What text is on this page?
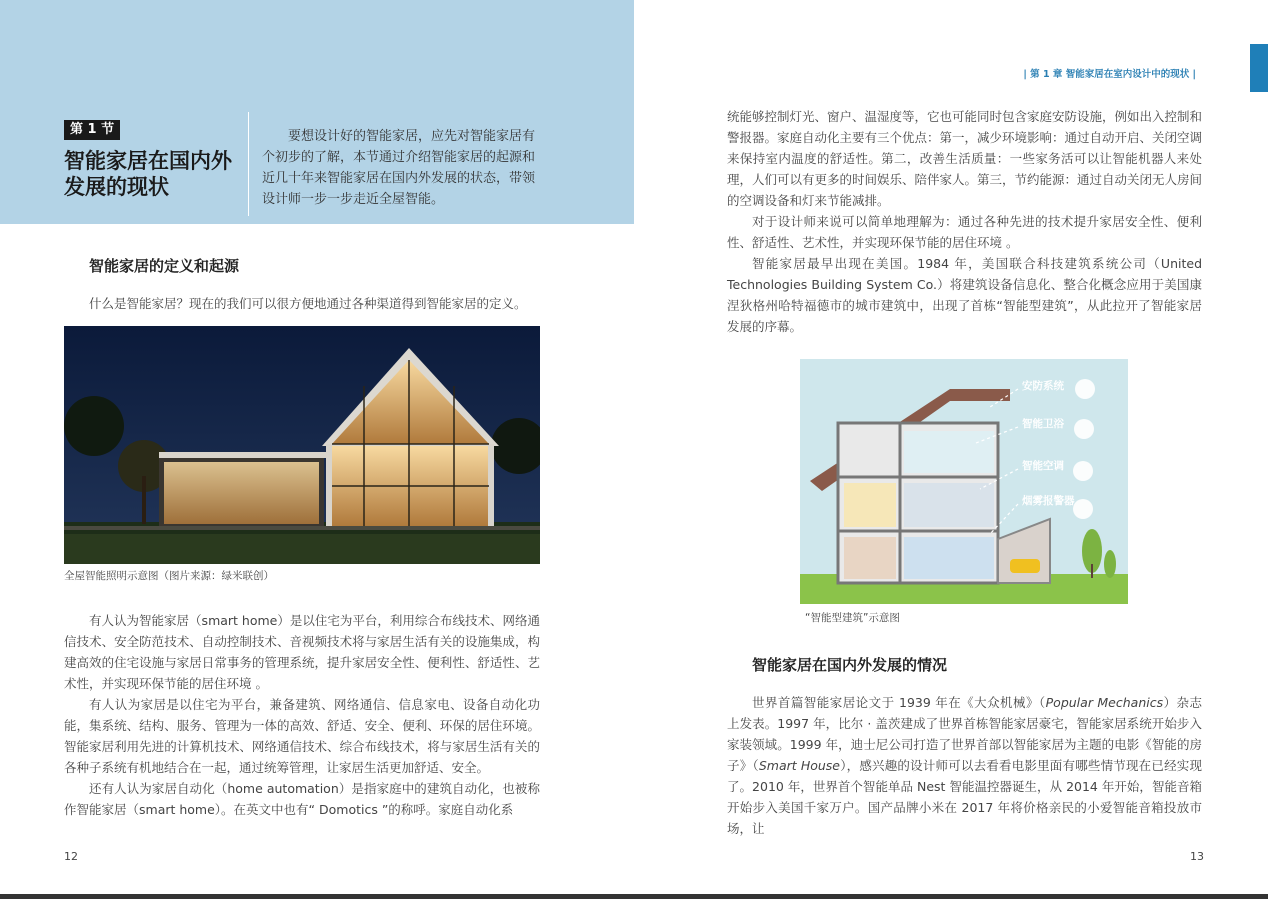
第 1 节
智能家居在国内外发展的现状
要想设计好的智能家居，应先对智能家居有个初步的了解，本节通过介绍智能家居的起源和近几十年来智能家居在国内外发展的状态，带领设计师一步一步走近全屋智能。
智能家居的定义和起源
什么是智能家居？现在的我们可以很方便地通过各种渠道得到智能家居的定义。
全屋智能照明示意图（图片来源：绿米联创）

有人认为智能家居（smart home）是以住宅为平台，利用综合布线技术、网络通信技术、安全防范技术、自动控制技术、音视频技术将与家居生活有关的设施集成，构建高效的住宅设施与家居日常事务的管理系统，提升家居安全性、便利性、舒适性、艺术性，并实现环保节能的居住环境 。

有人认为家居是以住宅为平台，兼备建筑、网络通信、信息家电、设备自动化功能，集系统、结构、服务、管理为一体的高效、舒适、安全、便利、环保的居住环境。智能家居利用先进的计算机技术、网络通信技术、综合布线技术，将与家居生活有关的各种子系统有机地结合在一起，通过统筹管理，让家居生活更加舒适、安全。

还有人认为家居自动化（home automation）是指家庭中的建筑自动化，也被称作智能家居（smart home）。在英文中也有“ Domotics ”的称呼。家庭自动化系

12
| 第 1 章 智能家居在室内设计中的现状 |

统能够控制灯光、窗户、温湿度等，它也可能同时包含家庭安防设施，例如出入控制和警报器。家庭自动化主要有三个优点：第一，减少环境影响：通过自动开启、关闭空调来保持室内温度的舒适性。第二，改善生活质量：一些家务活可以让智能机器人来处理，人们可以有更多的时间娱乐、陪伴家人。第三，节约能源：通过自动关闭无人房间的空调设备和灯来节能减排。

对于设计师来说可以简单地理解为：通过各种先进的技术提升家居安全性、便利性、舒适性、艺术性，并实现环保节能的居住环境 。

智能家居最早出现在美国。1984 年，美国联合科技建筑系统公司（United Technologies Building System Co.）将建筑设备信息化、整合化概念应用于美国康涅狄格州哈特福德市的城市建筑中，出现了首栋“智能型建筑”，从此拉开了智能家居发展的序幕。

安防系统
智能卫浴
智能空调
烟雾报警器
“智能型建筑”示意图
智能家居在国内外发展的情况
世界首篇智能家居论文于 1939 年在《大众机械》（Popular Mechanics）杂志上发表。1997 年，比尔 · 盖茨建成了世界首栋智能家居豪宅，智能家居系统开始步入家装领域。1999 年，迪士尼公司打造了世界首部以智能家居为主题的电影《智能的房子》（Smart House），感兴趣的设计师可以去看看电影里面有哪些情节现在已经实现了。2010 年，世界首个智能单品 Nest 智能温控器诞生，从 2014 年开始，智能音箱开始步入美国千家万户。国产品牌小米在 2017 年将价格亲民的小爱智能音箱投放市场，让
13
